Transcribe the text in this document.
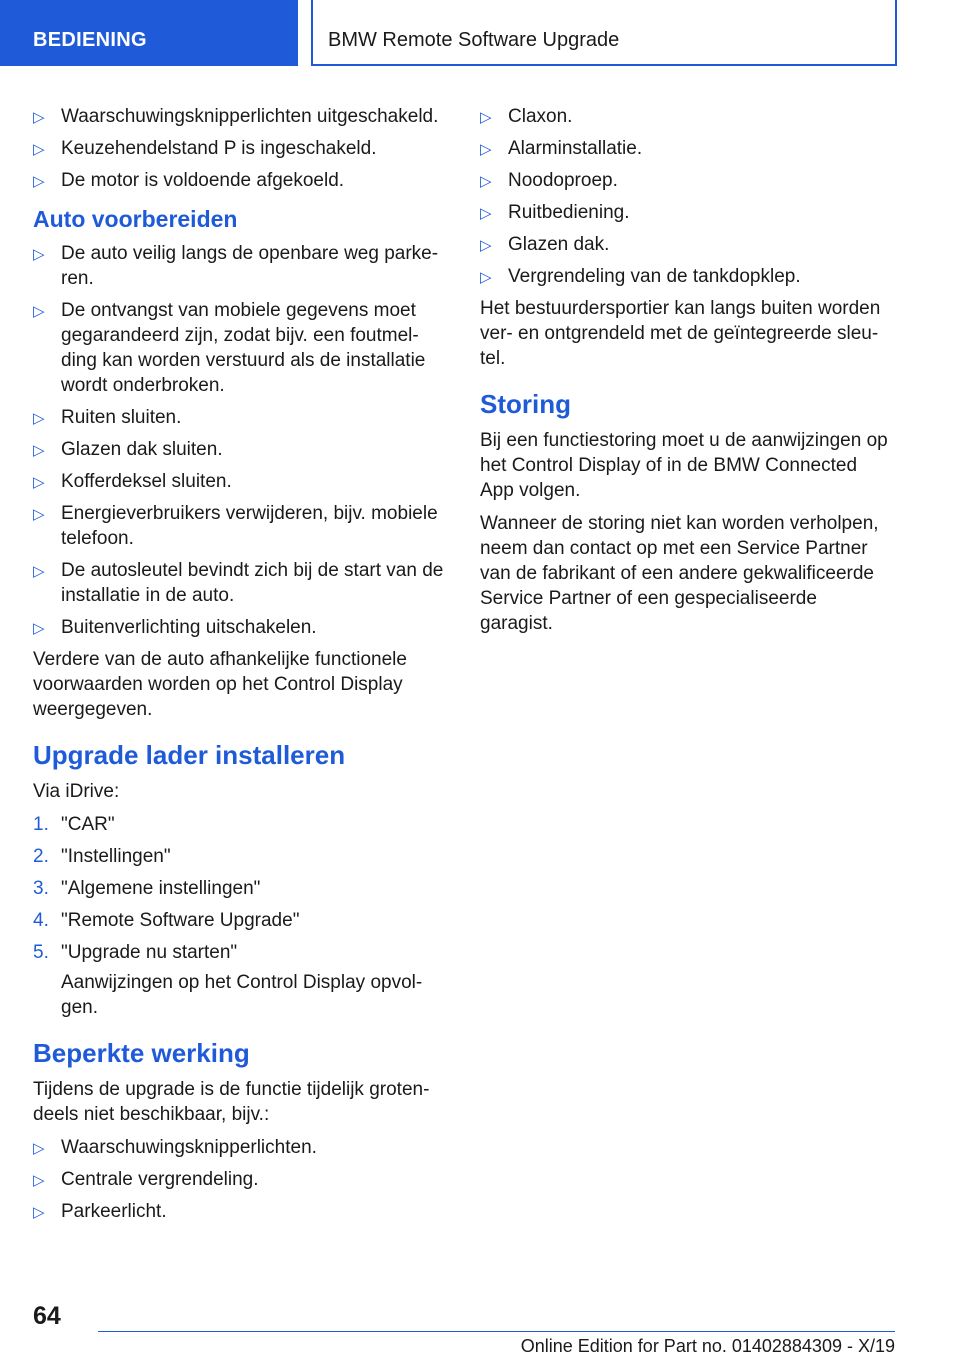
BEDIENING	BMW Remote Software Upgrade
▷ Waarschuwingsknipperlichten uitgeschakeld.
▷ Keuzehendelstand P is ingeschakeld.
▷ De motor is voldoende afgekoeld.
Auto voorbereiden
▷ De auto veilig langs de openbare weg parkeren.
▷ De ontvangst van mobiele gegevens moet gegarandeerd zijn, zodat bijv. een foutmelding kan worden verstuurd als de installatie wordt onderbroken.
▷ Ruiten sluiten.
▷ Glazen dak sluiten.
▷ Kofferdeksel sluiten.
▷ Energieverbruikers verwijderen, bijv. mobiele telefoon.
▷ De autosleutel bevindt zich bij de start van de installatie in de auto.
▷ Buitenverlichting uitschakelen.

Verdere van de auto afhankelijke functionele voorwaarden worden op het Control Display weergegeven.

Upgrade lader installeren

Via iDrive:

1. "CAR"
2. "Instellingen"
3. "Algemene instellingen"
4. "Remote Software Upgrade"
5. "Upgrade nu starten"
Aanwijzingen op het Control Display opvolgen.
Beperkte werking

Tijdens de upgrade is de functie tijdelijk grotendeels niet beschikbaar, bijv.:

▷ Waarschuwingsknipperlichten.
▷ Centrale vergrendeling.
▷ Parkeerlicht.
▷ Claxon.
▷ Alarminstallatie.
▷ Noodoproep.
▷ Ruitbediening.
▷ Glazen dak.
▷ Vergrendeling van de tankdopklep.

Het bestuurdersportier kan langs buiten worden ver- en ontgrendeld met de geïntegreerde sleutel.

Storing

Bij een functiestoring moet u de aanwijzingen op het Control Display of in de BMW Connected App volgen.

Wanneer de storing niet kan worden verholpen, neem dan contact op met een Service Partner van de fabrikant of een andere gekwalificeerde Service Partner of een gespecialiseerde garagist.

64
Online Edition for Part no. 01402884309 - X/19
